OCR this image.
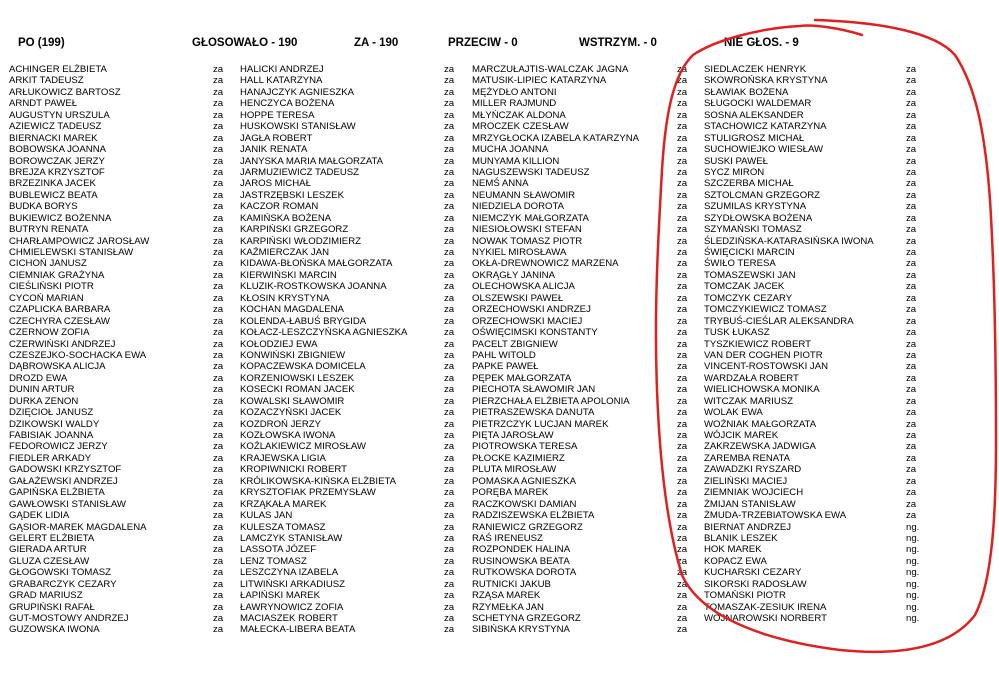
PO (199)	GŁOSOWAŁO - 190	ZA - 190	PRZECIW - 0	WSTRZYM. - 0	NIE GŁOS. - 9
ACHINGER ELŻBIETA	za
ARKIT TADEUSZ	za
ARŁUKOWICZ BARTOSZ	za
ARNDT PAWEŁ	za
AUGUSTYN URSZULA	za
AZIEWICZ TADEUSZ	za
BIERNACKI MAREK	za
BOBOWSKA JOANNA	za
BOROWCZAK JERZY	za
BREJZA KRZYSZTOF	za
BRZEZINKA JACEK	za
BUBLEWICZ BEATA	za
BUDKA BORYS	za
BUKIEWICZ BOŻENNA	za
BUTRYN RENATA	za
CHARŁAMPOWICZ JAROSŁAW	za
CHMIELEWSKI STANISŁAW	za
CICHOŃ JANUSZ	za
CIEMNIAK GRAŻYNA	za
CIEŚLIŃSKI PIOTR	za
CYCOŃ MARIAN	za
CZAPLICKA BARBARA	za
CZECHYRA CZESŁAW	za
CZERNOW ZOFIA	za
CZERWIŃSKI ANDRZEJ	za
CZESZEJKO-SOCHACKA EWA	za
DĄBROWSKA ALICJA	za
DROZD EWA	za
DUNIN ARTUR	za
DURKA ZENON	za
DZIĘCIOŁ JANUSZ	za
DZIKOWSKI WALDY	za
FABISIAK JOANNA	za
FEDOROWICZ JERZY	za
FIEDLER ARKADY	za
GADOWSKI KRZYSZTOF	za
GAŁAŻEWSKI ANDRZEJ	za
GAPIŃSKA ELŻBIETA	za
GAWŁOWSKI STANISŁAW	za
GĄDEK LIDIA	za
GĄSIOR-MAREK MAGDALENA	za
GELERT ELŻBIETA	za
GIERADA ARTUR	za
GLUZA CZESŁAW	za
GŁOGOWSKI TOMASZ	za
GRABARCZYK CEZARY	za
GRAD MARIUSZ	za
GRUPIŃSKI RAFAŁ	za
GUT-MOSTOWY ANDRZEJ	za
GUZOWSKA IWONA	za
HALICKI ANDRZEJ	za
HALL KATARZYNA	za
HANAJCZYK AGNIESZKA	za
HENCZYCA BOŻENA	za
HOPPE TERESA	za
HUSKOWSKI STANISŁAW	za
JAGŁA ROBERT	za
JANIK RENATA	za
JANYSKA MARIA MAŁGORZATA	za
JARMUZIEWICZ TADEUSZ	za
JAROS MICHAŁ	za
JASTRZĘBSKI LESZEK	za
KACZOR ROMAN	za
KAMIŃSKA BOŻENA	za
KARPIŃSKI GRZEGORZ	za
KARPIŃSKI WŁODZIMIERZ	za
KAŹMIERCZAK JAN	za
KIDAWA-BŁOŃSKA MAŁGORZATA	za
KIERWIŃSKI MARCIN	za
KLUZIK-ROSTKOWSKA JOANNA	za
KŁOSIN KRYSTYNA	za
KOCHAN MAGDALENA	za
KOLENDA-ŁABUŚ BRYGIDA	za
KOŁACZ-LESZCZYŃSKA AGNIESZKA	za
KOŁODZIEJ EWA	za
KONWIŃSKI ZBIGNIEW	za
KOPACZEWSKA DOMICELA	za
KORZENIOWSKI LESZEK	za
KOSECKI ROMAN JACEK	za
KOWALSKI SŁAWOMIR	za
KOZACZYŃSKI JACEK	za
KOZDROŃ JERZY	za
KOZŁOWSKA IWONA	za
KOŹLAKIEWICZ MIROSŁAW	za
KRAJEWSKA LIGIA	za
KROPIWNICKI ROBERT	za
KRÓLIKOWSKA-KIŃSKA ELŻBIETA	za
KRYSZTOFIAK PRZEMYSŁAW	za
KRZĄKAŁA MAREK	za
KULAS JAN	za
KULESZA TOMASZ	za
LAMCZYK STANISŁAW	za
LASSOTA JÓZEF	za
LENZ TOMASZ	za
LESZCZYNA IZABELA	za
LITWIŃSKI ARKADIUSZ	za
ŁAPIŃSKI MAREK	za
ŁAWRYNOWICZ ZOFIA	za
MACIASZEK ROBERT	za
MAŁECKA-LIBERA BEATA	za
MARCZUŁAJTIS-WALCZAK JAGNA	za
MATUSIK-LIPIEC KATARZYNA	za
MĘŻYDŁO ANTONI	za
MILLER RAJMUND	za
MŁYŃCZAK ALDONA	za
MROCZEK CZESŁAW	za
MRZYGŁOCKA IZABELA KATARZYNA	za
MUCHA JOANNA	za
MUNYAMA KILLION	za
NAGUSZEWSKI TADEUSZ	za
NEMŚ ANNA	za
NEUMANN SŁAWOMIR	za
NIEDZIELA DOROTA	za
NIEMCZYK MAŁGORZATA	za
NIESIOŁOWSKI STEFAN	za
NOWAK TOMASZ PIOTR	za
NYKIEL MIROSŁAWA	za
OKŁA-DREWNOWICZ MARZENA	za
OKRĄGŁY JANINA	za
OLECHOWSKA ALICJA	za
OLSZEWSKI PAWEŁ	za
ORZECHOWSKI ANDRZEJ	za
ORZECHOWSKI MACIEJ	za
OŚWIĘCIMSKI KONSTANTY	za
PACELT ZBIGNIEW	za
PAHL WITOLD	za
PAPKE PAWEŁ	za
PĘPEK MAŁGORZATA	za
PIECHOTA SŁAWOMIR JAN	za
PIERZCHAŁA ELŻBIETA APOLONIA	za
PIETRASZEWSKA DANUTA	za
PIETRZCZYK LUCJAN MAREK	za
PIĘTA JAROSŁAW	za
PIOTROWSKA TERESA	za
PŁOCKE KAZIMIERZ	za
PLUTA MIROSŁAW	za
POMASKA AGNIESZKA	za
PORĘBA MAREK	za
RACZKOWSKI DAMIAN	za
RADZISZEWSKA ELŻBIETA	za
RANIEWICZ GRZEGORZ	za
RAŚ IRENEUSZ	za
ROZPONDEK HALINA	za
RUSINOWSKA BEATA	za
RUTKOWSKA DOROTA	za
RUTNICKI JAKUB	za
RZĄSA MAREK	za
RZYMEŁKA JAN	za
SCHETYNA GRZEGORZ	za
SIBIŃSKA KRYSTYNA	za
SIEDLACZEK HENRYK	za
SKOWROŃSKA KRYSTYNA	za
SŁAWIAK BOŻENA	za
SŁUGOCKI WALDEMAR	za
SOSNA ALEKSANDER	za
STACHOWICZ KATARZYNA	za
STULIGROSZ MICHAŁ	za
SUCHOWIEJKO WIESŁAW	za
SUSKI PAWEŁ	za
SYCZ MIRON	za
SZCZERBA MICHAŁ	za
SZTOLCMAN GRZEGORZ	za
SZUMILAS KRYSTYNA	za
SZYDŁOWSKA BOŻENA	za
SZYMAŃSKI TOMASZ	za
ŚLEDZIŃSKA-KATARASIŃSKA IWONA	za
ŚWIĘCICKI MARCIN	za
ŚWIŁO TERESA	za
TOMASZEWSKI JAN	za
TOMCZAK JACEK	za
TOMCZYK CEZARY	za
TOMCZYKIEWICZ TOMASZ	za
TRYBUŚ-CIEŚLAR ALEKSANDRA	za
TUSK ŁUKASZ	za
TYSZKIEWICZ ROBERT	za
VAN DER COGHEN PIOTR	za
VINCENT-ROSTOWSKI JAN	za
WARDZAŁA ROBERT	za
WIELICHOWSKA MONIKA	za
WITCZAK MARIUSZ	za
WOLAK EWA	za
WOŹNIAK MAŁGORZATA	za
WÓJCIK MAREK	za
ZAKRZEWSKA JADWIGA	za
ZAREMBA RENATA	za
ZAWADZKI RYSZARD	za
ZIELIŃSKI MACIEJ	za
ZIEMNIAK WOJCIECH	za
ŻMIJAN STANISŁAW	za
ŻMUDA-TRZEBIATOWSKA EWA	za
BIERNAT ANDRZEJ	ng.
BLANIK LESZEK	ng.
HOK MAREK	ng.
KOPACZ EWA	ng.
KUCHARSKI CEZARY	ng.
SIKORSKI RADOSŁAW	ng.
TOMAŃSKI PIOTR	ng.
TOMASZAK-ZESIUK IRENA	ng.
WOJNAROWSKI NORBERT	ng.
